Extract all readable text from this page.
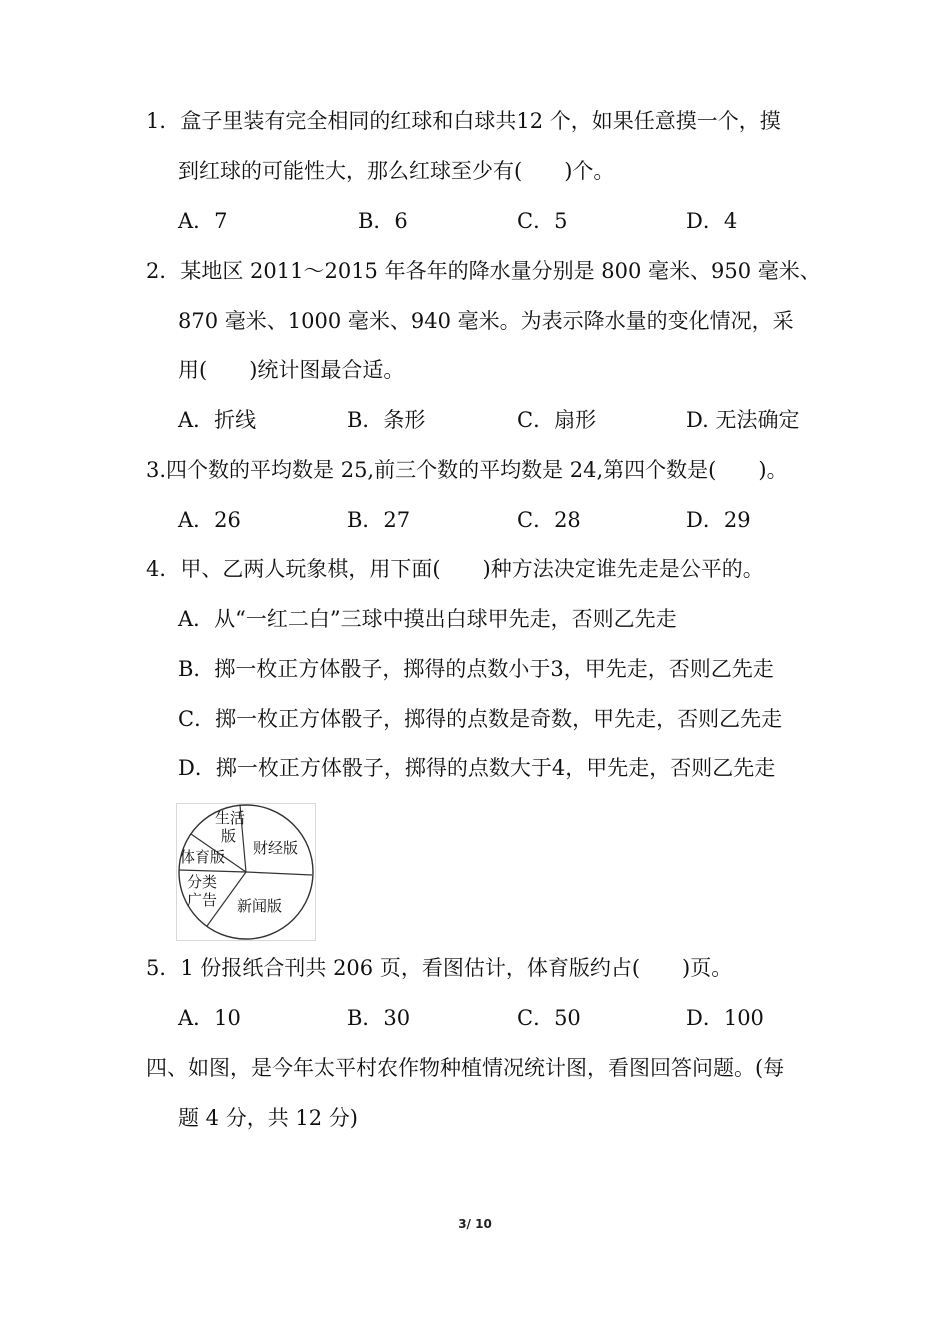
1．盒子里装有完全相同的红球和白球共12 个，如果任意摸一个，摸
到红球的可能性大，那么红球至少有(　　)个。
A．7	B．6	C．5	D．4
2．某地区 2011～2015 年各年的降水量分别是 800 毫米、950 毫米、
870 毫米、1000 毫米、940 毫米。为表示降水量的变化情况，采
用(　　)统计图最合适。
A．折线	B．条形	C．扇形	D. 无法确定
3.四个数的平均数是 25,前三个数的平均数是 24,第四个数是(　　)。
A．26	B．27	C．28	D．29
4．甲、乙两人玩象棋，用下面(　　)种方法决定谁先走是公平的。
A．从“一红二白”三球中摸出白球甲先走，否则乙先走
B．掷一枚正方体骰子，掷得的点数小于3，甲先走，否则乙先走
C．掷一枚正方体骰子，掷得的点数是奇数，甲先走，否则乙先走
D．掷一枚正方体骰子，掷得的点数大于4，甲先走，否则乙先走
生活
版
财经版
体育版
分类
广告 新闻版
5．1 份报纸合刊共 206 页，看图估计，体育版约占(　　)页。
A．10	B．30	C．50	D．100
四、如图，是今年太平村农作物种植情况统计图，看图回答问题。(每
题 4 分，共 12 分)
3/ 10
